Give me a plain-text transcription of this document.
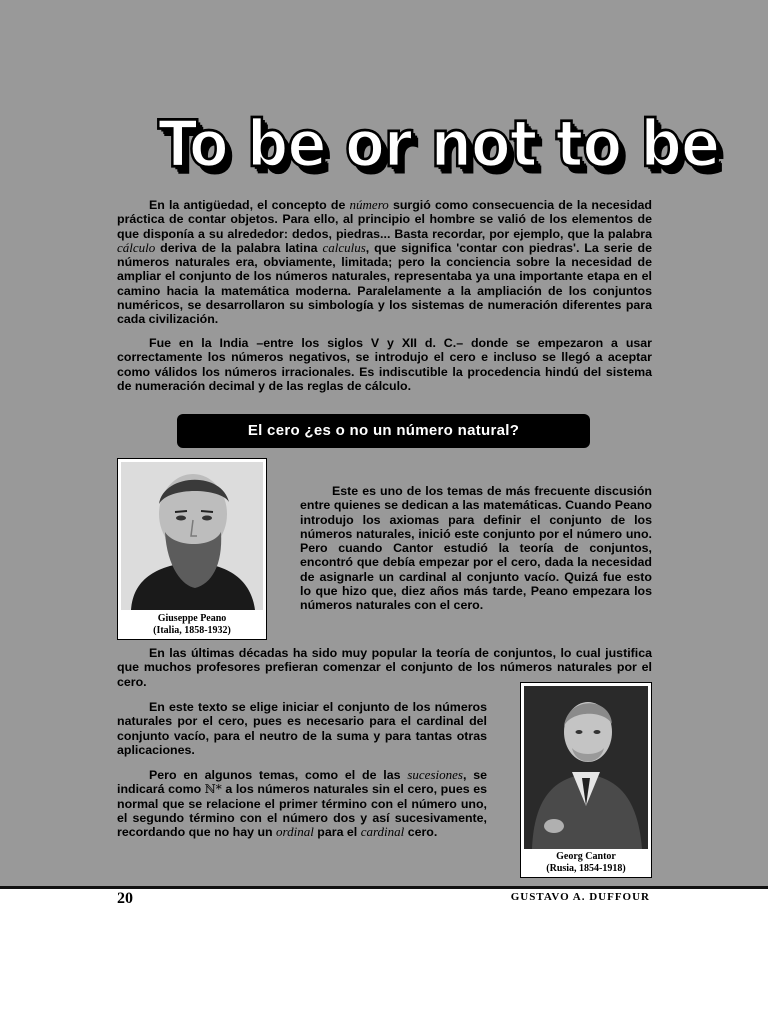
To be or not to be

En la antigüedad, el concepto de número surgió como consecuencia de la necesidad práctica de contar objetos. Para ello, al principio el hombre se valió de los elementos de que disponía a su alrededor: dedos, piedras... Basta recordar, por ejemplo, que la palabra cálculo deriva de la palabra latina calculus, que significa 'contar con piedras'. La serie de números naturales era, obviamente, limitada; pero la conciencia sobre la necesidad de ampliar el conjunto de los números naturales, representaba ya una importante etapa en el camino hacia la matemática moderna. Paralelamente a la ampliación de los conjuntos numéricos, se desarrollaron su simbología y los sistemas de numeración diferentes para cada civilización.

Fue en la India –entre los siglos V y XII d. C.– donde se empezaron a usar correctamente los números negativos, se introdujo el cero e incluso se llegó a aceptar como válidos los números irracionales. Es indiscutible la procedencia hindú del sistema de numeración decimal y de las reglas de cálculo.

El cero ¿es o no un número natural?
Giuseppe Peano
(Italia, 1858-1932)

Este es uno de los temas de más frecuente discusión entre quienes se dedican a las matemáticas. Cuando Peano introdujo los axiomas para definir el conjunto de los números naturales, inició este conjunto por el número uno. Pero cuando Cantor estudió la teoría de conjuntos, encontró que debía empezar por el cero, dada la necesidad de asignarle un cardinal al conjunto vacío. Quizá fue esto lo que hizo que, diez años más tarde, Peano empezara los números naturales con el cero.

En las últimas décadas ha sido muy popular la teoría de conjuntos, lo cual justifica que muchos profesores prefieran comenzar el conjunto de los números naturales por el cero.

En este texto se elige iniciar el conjunto de los números naturales por el cero, pues es necesario para el cardinal del conjunto vacío, para el neutro de la suma y para tantas otras aplicaciones.

Pero en algunos temas, como el de las sucesiones, se indicará como ℕ* a los números naturales sin el cero, pues es normal que se relacione el primer término con el número uno, el segundo término con el número dos y así sucesivamente, recordando que no hay un ordinal para el cardinal cero.

Georg Cantor
(Rusia, 1854-1918)
20	GUSTAVO A. DUFFOUR
